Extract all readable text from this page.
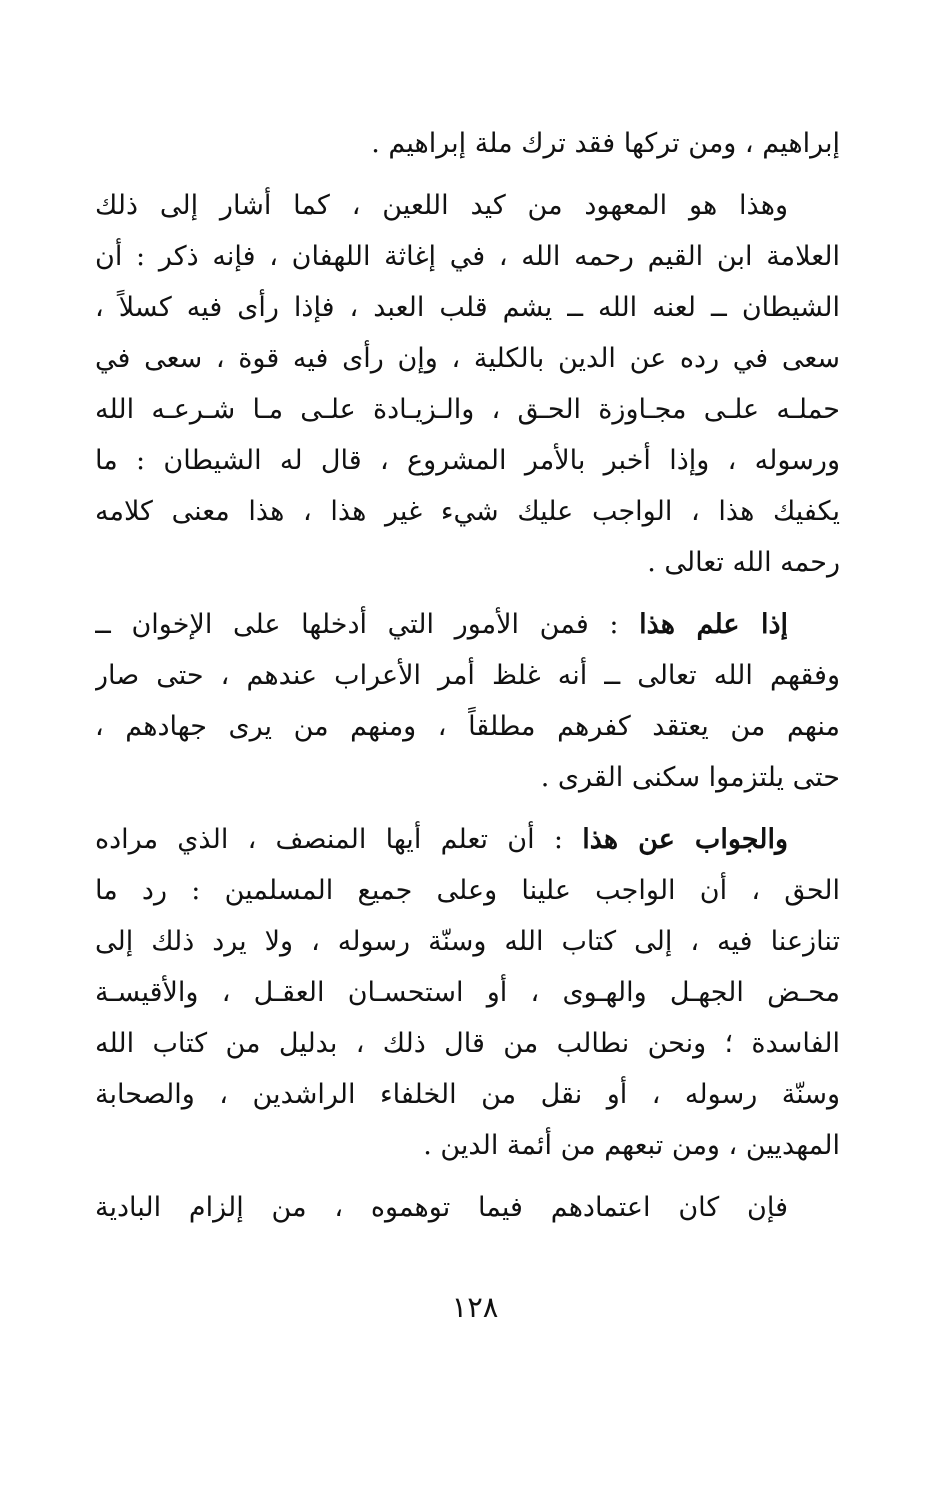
إبراهيم ، ومن تركها فقد ترك ملة إبراهيم .
وهذا هو المعهود من كيد اللعين ، كما أشار إلى ذلك
العلامة ابن القيم رحمه الله ، في إغاثة اللهفان ، فإنه ذكر : أن
الشيطان ــ لعنه الله ــ يشم قلب العبد ، فإذا رأى فيه كسلاً ،
سعى في رده عن الدين بالكلية ، وإن رأى فيه قوة ، سعى في
حملـه علـى مجـاوزة الحـق ، والـزيـادة علـى مـا شـرعـه الله
ورسوله ، وإذا أخبر بالأمر المشروع ، قال له الشيطان : ما
يكفيك هذا ، الواجب عليك شيء غير هذا ، هذا معنى كلامه
رحمه الله تعالى .
إذا علم هذا : فمن الأمور التي أدخلها على الإخوان ــ
وفقهم الله تعالى ــ أنه غلظ أمر الأعراب عندهم ، حتى صار
منهم من يعتقد كفرهم مطلقاً ، ومنهم من يرى جهادهم ،
حتى يلتزموا سكنى القرى .
والجواب عن هذا : أن تعلم أيها المنصف ، الذي مراده
الحق ، أن الواجب علينا وعلى جميع المسلمين : رد ما
تنازعنا فيه ، إلى كتاب الله وسنّة رسوله ، ولا يرد ذلك إلى
محـض الجهـل والهـوى ، أو استحسـان العقـل ، والأقيسـة
الفاسدة ؛ ونحن نطالب من قال ذلك ، بدليل من كتاب الله
وسنّة رسوله ، أو نقل من الخلفاء الراشدين ، والصحابة
المهديين ، ومن تبعهم من أئمة الدين .
فإن كان اعتمادهم فيما توهموه ، من إلزام البادية
١٢٨
